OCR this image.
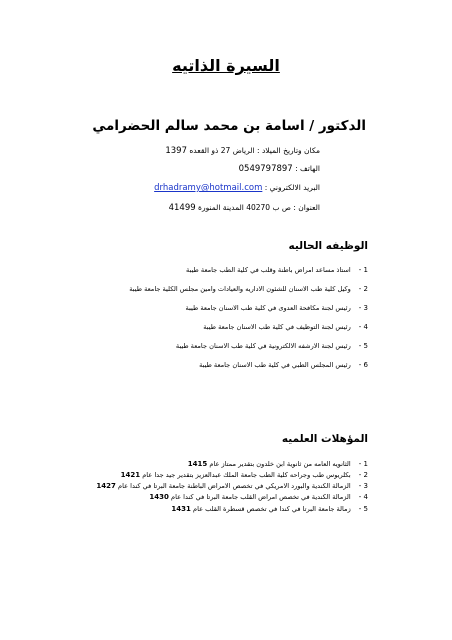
السيرة الذاتيه
الدكتور / اسامة بن محمد سالم الحضرامي
مكان وتاريخ الميلاد : الرياض 27 ذو القعده 1397
الهاتف : 0549797897
البريد الالكتروني : drhadramy@hotmail.com
العنوان : ص ب 40270 المدينة المنورة 41499
الوظيفه الحاليه
1 -استاذ مساعد امراض باطنة وقلب في كلية الطب جامعة طيبة
2 -وكيل كلية طب الاسنان للشئون الاداريه والعيادات وامين مجلس الكلية جامعة طيبة
3 -رئيس لجنة مكافحة العدوى في كلية طب الاسنان جامعة طيبة
4 -رئيس لجنة التوظيف في كلية طب الاسنان جامعة طيبة
5 -رئيس لجنة الارشفه الالكترونية في كلية طب الاسنان جامعة طيبة
6 -رئيس المجلس الطبي في كلية طب الاسنان جامعة طيبة
المؤهلات العلميه
1 -الثانويه العامه من ثانوية ابن خلدون بتقدير ممتاز عام 1415
2 -بكلريوس طب وجراحه كلية الطب جامعة الملك عبدالعزيز بتقدير جيد جدا عام 1421
3 -الزمالة الكندية والبورد الامريكي في تخصص الامراض الباطنة جامعة البرتا في كندا عام 1427
4 -الزمالة الكندية في تخصص امراض القلب جامعة البرتا في كندا عام 1430
5 -زمالة جامعة البرتا في كندا في تخصص قسطرة القلب عام 1431
